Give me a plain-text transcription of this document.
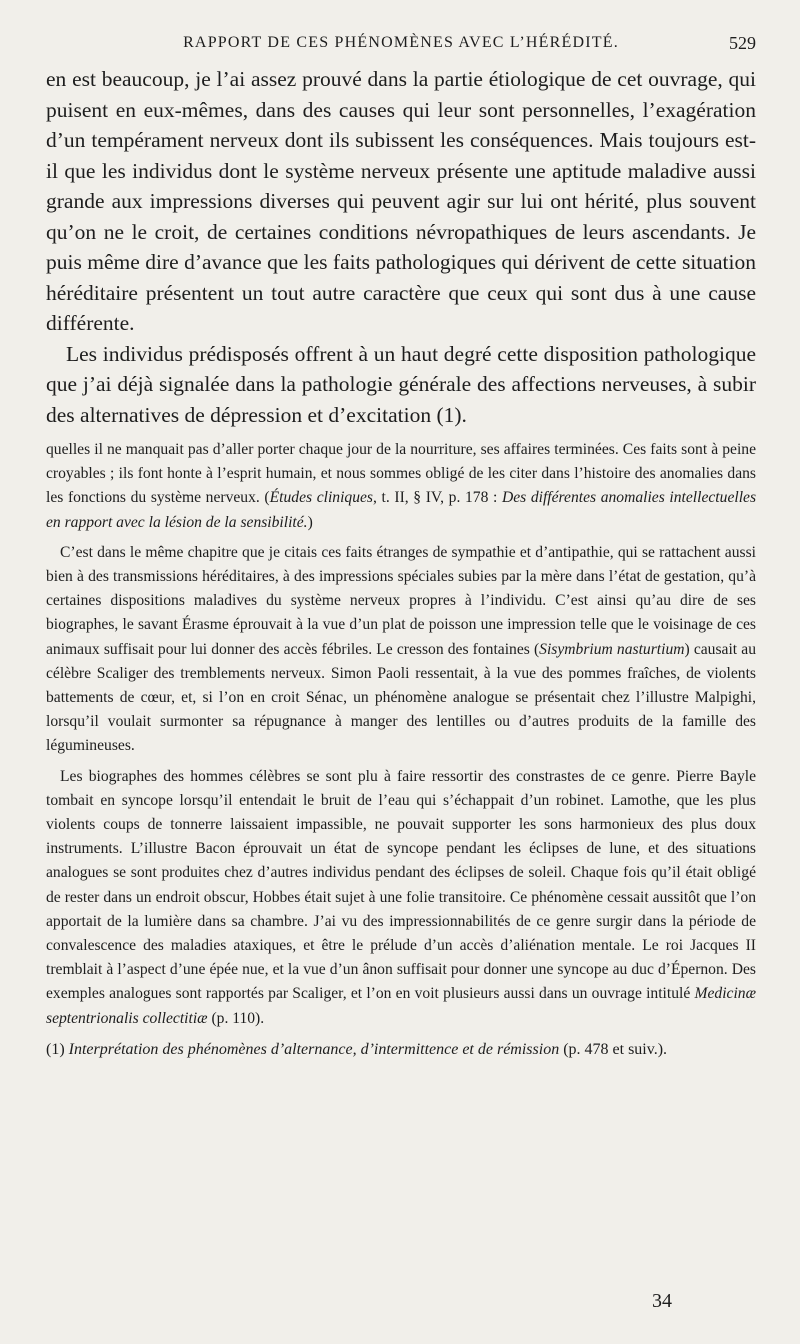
RAPPORT DE CES PHÉNOMÈNES AVEC L’HÉRÉDITÉ.	529

en est beaucoup, je l’ai assez prouvé dans la partie étiologique de cet ouvrage, qui puisent en eux-mêmes, dans des causes qui leur sont personnelles, l’exagération d’un tempérament nerveux dont ils subissent les conséquences. Mais toujours est-il que les individus dont le système nerveux présente une aptitude maladive aussi grande aux impressions diverses qui peuvent agir sur lui ont hérité, plus souvent qu’on ne le croit, de certaines conditions névropathiques de leurs ascendants. Je puis même dire d’avance que les faits pathologiques qui dérivent de cette situation héréditaire présentent un tout autre caractère que ceux qui sont dus à une cause différente.

Les individus prédisposés offrent à un haut degré cette disposition pathologique que j’ai déjà signalée dans la pathologie générale des affections nerveuses, à subir des alternatives de dépression et d’excitation (1).

quelles il ne manquait pas d’aller porter chaque jour de la nourriture, ses affaires terminées. Ces faits sont à peine croyables ; ils font honte à l’esprit humain, et nous sommes obligé de les citer dans l’histoire des anomalies dans les fonctions du système nerveux. (Études cliniques, t. II, § IV, p. 178 : Des différentes anomalies intellectuelles en rapport avec la lésion de la sensibilité.)

C’est dans le même chapitre que je citais ces faits étranges de sympathie et d’antipathie, qui se rattachent aussi bien à des transmissions héréditaires, à des impressions spéciales subies par la mère dans l’état de gestation, qu’à certaines dispositions maladives du système nerveux propres à l’individu. C’est ainsi qu’au dire de ses biographes, le savant Érasme éprouvait à la vue d’un plat de poisson une impression telle que le voisinage de ces animaux suffisait pour lui donner des accès fébriles. Le cresson des fontaines (Sisymbrium nasturtium) causait au célèbre Scaliger des tremblements nerveux. Simon Paoli ressentait, à la vue des pommes fraîches, de violents battements de cœur, et, si l’on en croit Sénac, un phénomène analogue se présentait chez l’illustre Malpighi, lorsqu’il voulait surmonter sa répugnance à manger des lentilles ou d’autres produits de la famille des légumineuses.

Les biographes des hommes célèbres se sont plu à faire ressortir des constrastes de ce genre. Pierre Bayle tombait en syncope lorsqu’il entendait le bruit de l’eau qui s’échappait d’un robinet. Lamothe, que les plus violents coups de tonnerre laissaient impassible, ne pouvait supporter les sons harmonieux des plus doux instruments. L’illustre Bacon éprouvait un état de syncope pendant les éclipses de lune, et des situations analogues se sont produites chez d’autres individus pendant des éclipses de soleil. Chaque fois qu’il était obligé de rester dans un endroit obscur, Hobbes était sujet à une folie transitoire. Ce phénomène cessait aussitôt que l’on apportait de la lumière dans sa chambre. J’ai vu des impressionnabilités de ce genre surgir dans la période de convalescence des maladies ataxiques, et être le prélude d’un accès d’aliénation mentale. Le roi Jacques II tremblait à l’aspect d’une épée nue, et la vue d’un ânon suffisait pour donner une syncope au duc d’Épernon. Des exemples analogues sont rapportés par Scaliger, et l’on en voit plusieurs aussi dans un ouvrage intitulé Medicinæ septentrionalis collectitiæ (p. 110).

(1) Interprétation des phénomènes d’alternance, d’intermittence et de rémission (p. 478 et suiv.).
34
